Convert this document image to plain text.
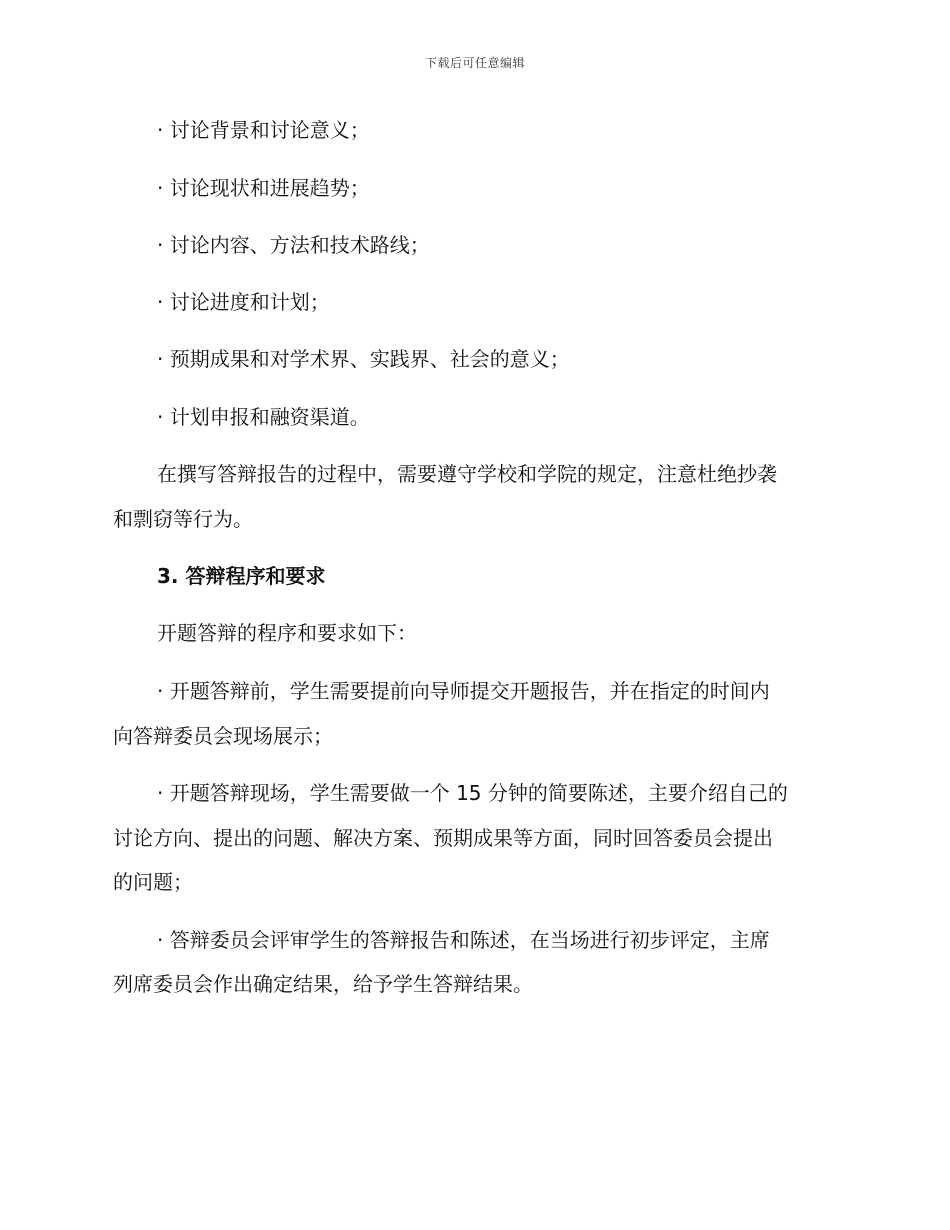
下载后可任意编辑
· 讨论背景和讨论意义；
· 讨论现状和进展趋势；
· 讨论内容、方法和技术路线；
· 讨论进度和计划；
· 预期成果和对学术界、实践界、社会的意义；
· 计划申报和融资渠道。
在撰写答辩报告的过程中，需要遵守学校和学院的规定，注意杜绝抄袭
和剽窃等行为。
3. 答辩程序和要求
开题答辩的程序和要求如下：
· 开题答辩前，学生需要提前向导师提交开题报告，并在指定的时间内
向答辩委员会现场展示；
· 开题答辩现场，学生需要做一个 15 分钟的简要陈述，主要介绍自己的
讨论方向、提出的问题、解决方案、预期成果等方面，同时回答委员会提出
的问题；
· 答辩委员会评审学生的答辩报告和陈述，在当场进行初步评定，主席
列席委员会作出确定结果，给予学生答辩结果。
